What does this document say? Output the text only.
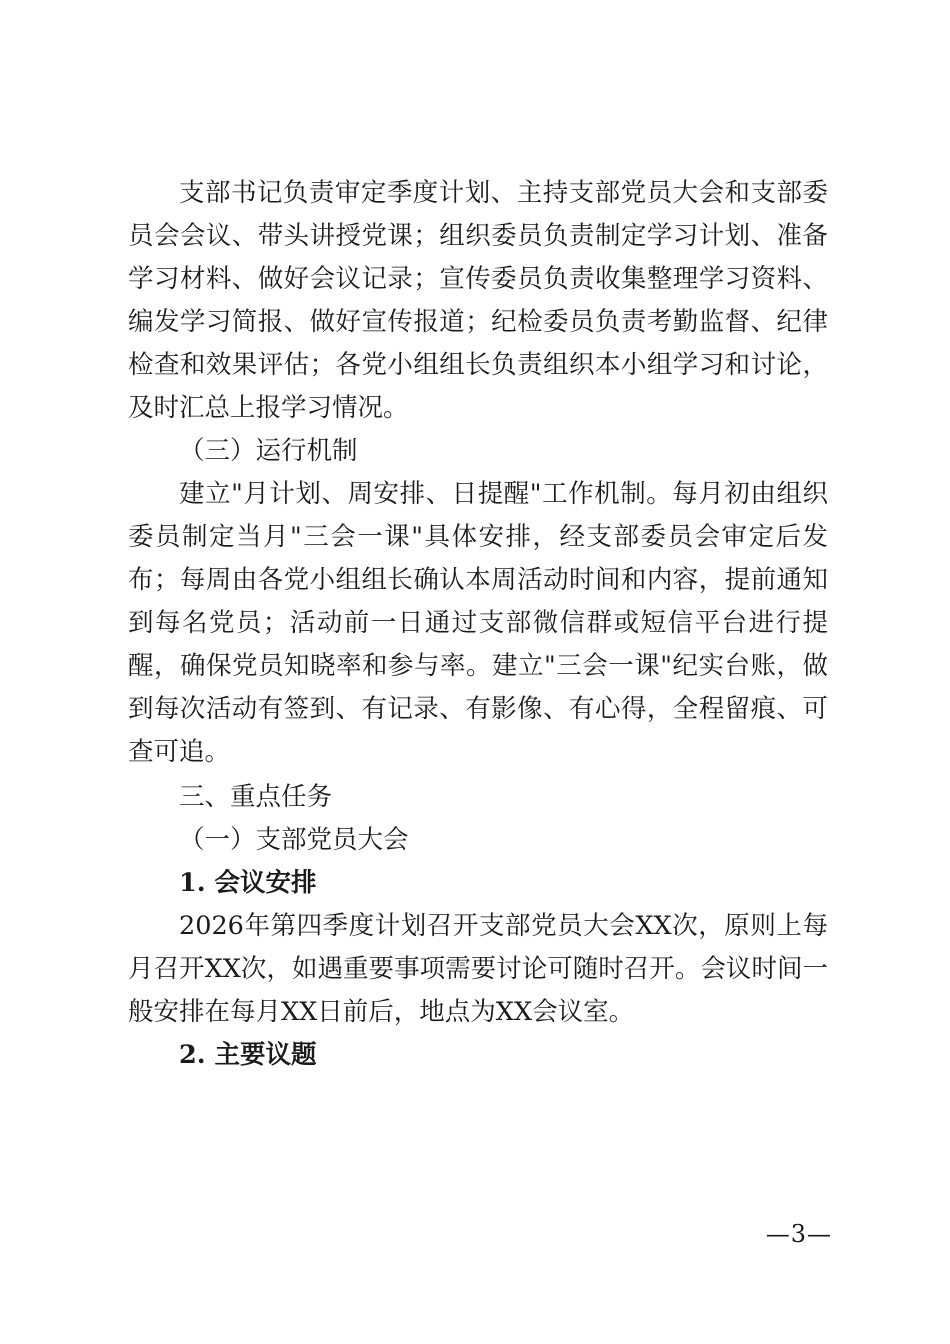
支部书记负责审定季度计划、主持支部党员大会和支部委员会会议、带头讲授党课；组织委员负责制定学习计划、准备学习材料、做好会议记录；宣传委员负责收集整理学习资料、编发学习简报、做好宣传报道；纪检委员负责考勤监督、纪律检查和效果评估；各党小组组长负责组织本小组学习和讨论，及时汇总上报学习情况。

（三）运行机制

建立"月计划、周安排、日提醒"工作机制。每月初由组织委员制定当月"三会一课"具体安排，经支部委员会审定后发布；每周由各党小组组长确认本周活动时间和内容，提前通知到每名党员；活动前一日通过支部微信群或短信平台进行提醒，确保党员知晓率和参与率。建立"三会一课"纪实台账，做到每次活动有签到、有记录、有影像、有心得，全程留痕、可查可追。

三、重点任务

（一）支部党员大会

1. 会议安排

2026年第四季度计划召开支部党员大会XX次，原则上每月召开XX次，如遇重要事项需要讨论可随时召开。会议时间一般安排在每月XX日前后，地点为XX会议室。

2. 主要议题

—3—
